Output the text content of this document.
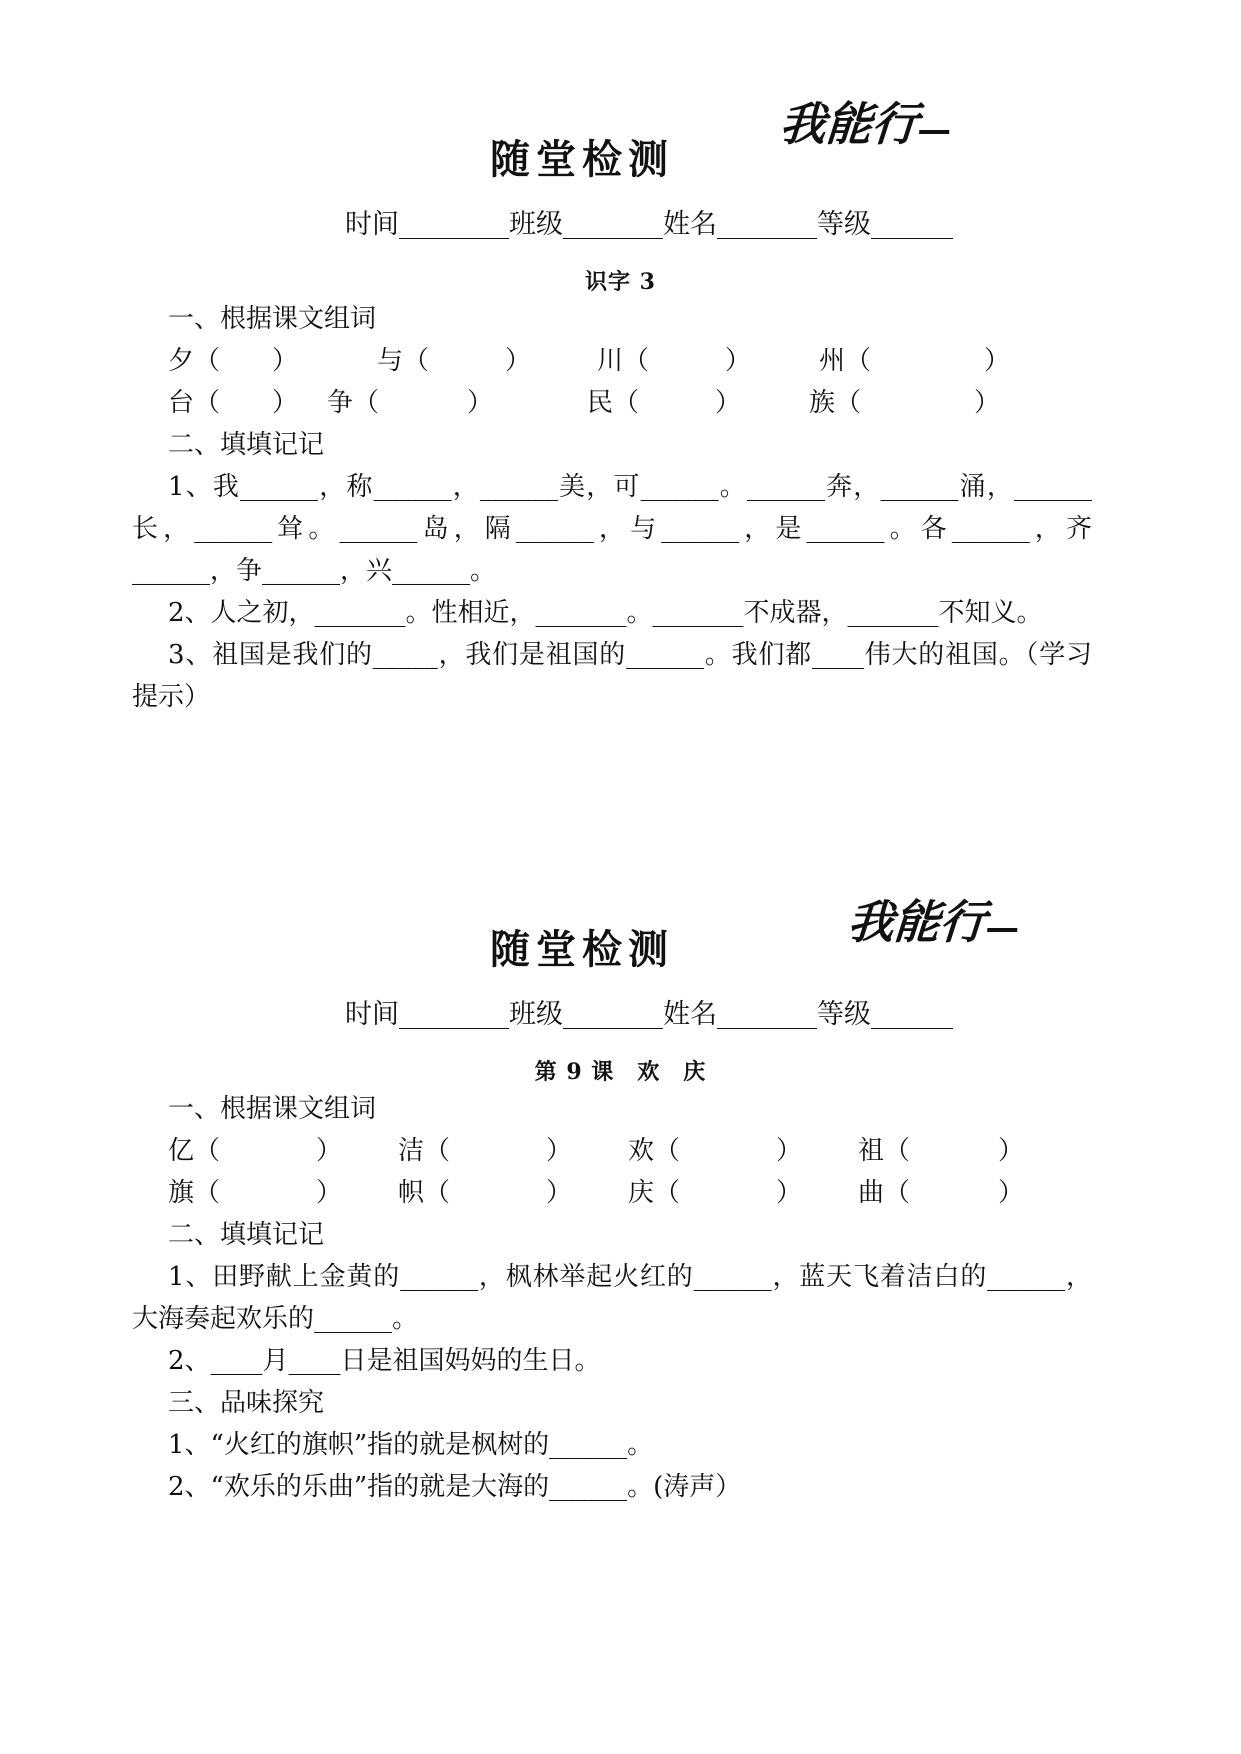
随堂检测
我能行
时间	班级	姓名	等级
识字 3
一、根据课文组词
夕（	）	与（	）	川（	）	州（	）
台（	）	争（	）	民（	）	族（	）
二、填填记记
1、我______，称______，______美，可______。______奔，______涌，______长，______耸。______岛，隔______，与______，是______。各______，齐______，争______，兴______。
2、人之初，_______。性相近，_______。_______不成器，_______不知义。
3、祖国是我们的_____，我们是祖国的______。我们都____伟大的祖国。（学习提示）
随堂检测
我能行
时间	班级	姓名	等级
第 9 课　欢　庆
一、根据课文组词
亿（	）	洁（	）	欢（	）	祖（	）
旗（	）	帜（	）	庆（	）	曲（	）
二、填填记记
1、田野献上金黄的______，枫林举起火红的______，蓝天飞着洁白的______，大海奏起欢乐的______。
2、____月____日是祖国妈妈的生日。
三、品味探究
1、“火红的旗帜”指的就是枫树的______。
2、“欢乐的乐曲”指的就是大海的______。(涛声）
